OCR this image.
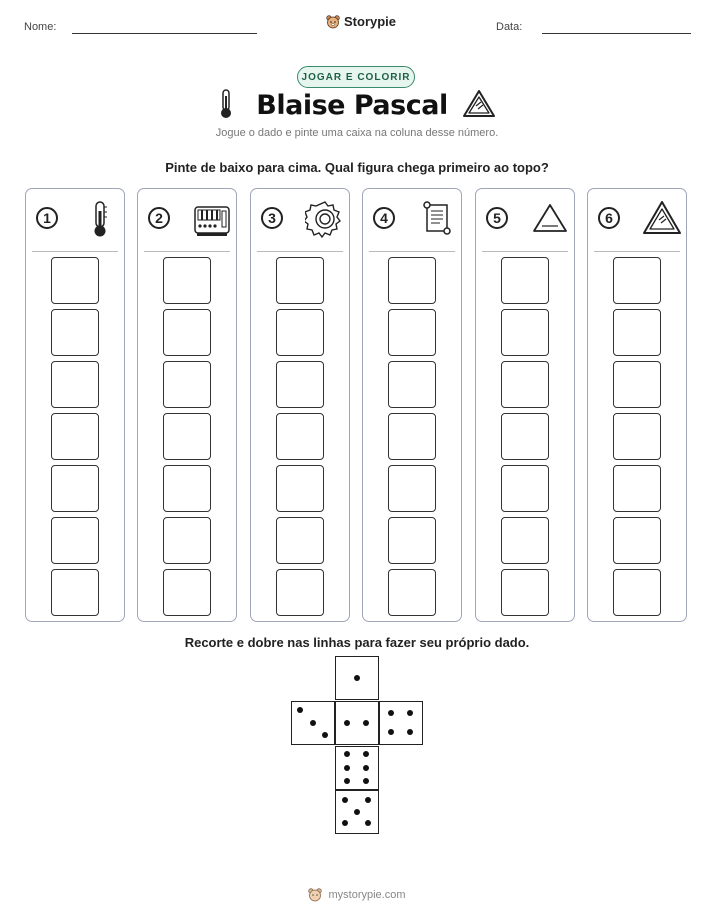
Nome:	Storypie	Data:
JOGAR E COLORIR
Blaise Pascal
Jogue o dado e pinte uma caixa na coluna desse número.
Pinte de baixo para cima. Qual figura chega primeiro ao topo?
1	2	3	4	5	6
Recorte e dobre nas linhas para fazer seu próprio dado.
mystorypie.com
